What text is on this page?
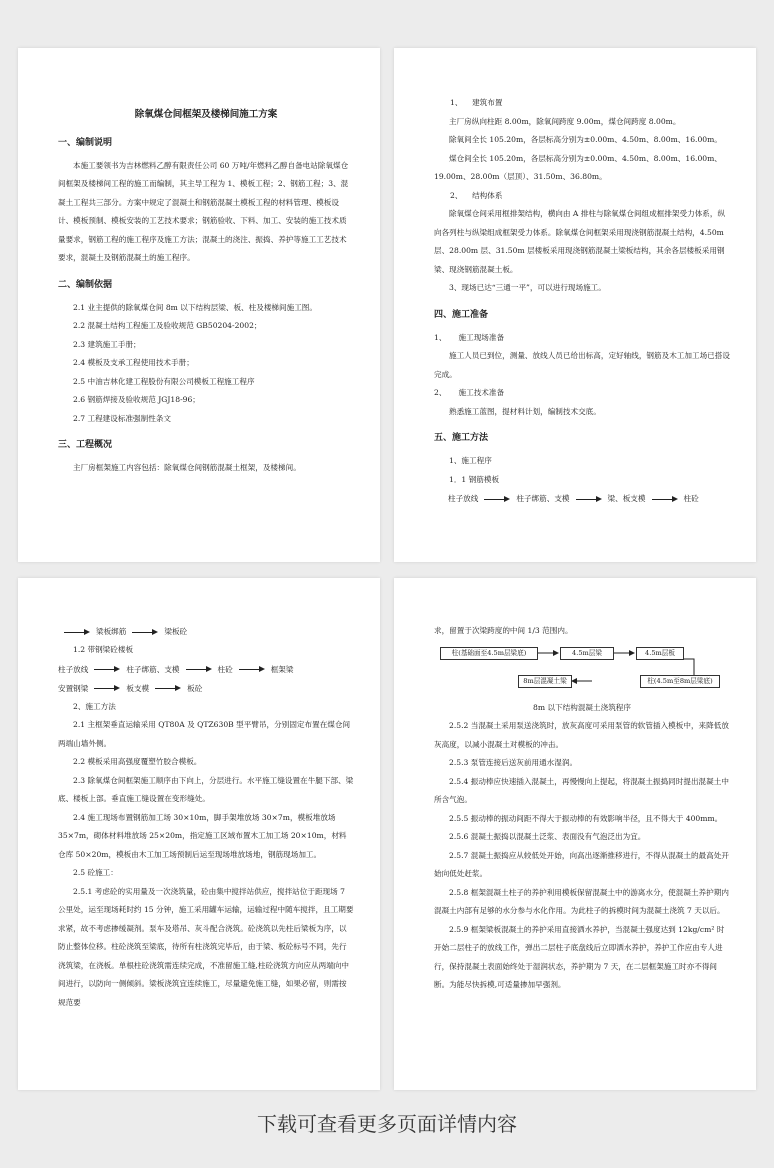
除氧煤仓间框架及楼梯间施工方案

一、编制说明

本施工要领书为吉林燃料乙醇有限责任公司 60 万吨/年燃料乙醇自备电站除氧煤仓间框架及楼梯间工程的施工而编制，其主导工程为 1、模板工程；2、钢筋工程；3、混凝土工程共三部分。方案中规定了混凝土和钢筋混凝土模板工程的材料管理、模板设计、模板预制、模板安装的工艺技术要求；钢筋验收、下料、加工、安装的施工技术质量要求，钢筋工程的施工程序及施工方法；混凝土的浇注、振捣、养护等施工工艺技术要求，混凝土及钢筋混凝土的施工程序。

二、编制依据

2.1 业主提供的除氧煤仓间 8m 以下结构层梁、板、柱及楼梯间施工图。

2.2 混凝土结构工程施工及验收规范 GB50204-2002；

2.3 建筑施工手册；

2.4 模板及支承工程使用技术手册；

2.5 中油吉林化建工程股份有限公司模板工程施工程序

2.6 钢筋焊接及验收规范 JGJ18-96；

2.7 工程建设标准强制性条文

三、工程概况

主厂房框架施工内容包括：除氧煤仓间钢筋混凝土框架，及楼梯间。

1、 建筑布置

主厂房纵向柱距 8.00m，除氧间跨度 9.00m，煤仓间跨度 8.00m。

除氧间全长 105.20m，各层标高分别为±0.00m、4.50m、8.00m、16.00m。

煤仓间全长 105.20m，各层标高分别为±0.00m、4.50m、8.00m、16.00m、19.00m、28.00m（层顶）、31.50m、36.80m。

2、 结构体系

除氧煤仓间采用框排架结构，横向由 A 排柱与除氧煤仓间组成框排架受力体系，纵向各列柱与纵梁组成框架受力体系。除氧煤仓间框架采用现浇钢筋混凝土结构，4.50m 层、28.00m 层、31.50m 层楼板采用现浇钢筋混凝土梁板结构，其余各层楼板采用钢梁、现浇钢筋混凝土板。

3、现场已达“三通一平”，可以进行现场施工。

四、施工准备

1、 施工现场准备

施工人员已到位，测量、放线人员已给出标高，定好轴线，钢筋及木工加工场已搭设完成。

2、 施工技术准备

熟悉施工蓝图，提材料计划，编制技术交底。

五、施工方法

1、施工程序

1．1 钢筋模板

柱子放线	柱子绑筋、支模	梁、板支模	柱砼
梁板绑筋	梁板砼

1.2 带钢梁砼楼板

柱子放线	柱子绑筋、支模	柱砼	框架梁
安置钢梁	板支模	板砼

2、施工方法

2.1 主框架垂直运输采用 QT80A 及 QTZ630B 型平臂吊，分别固定布置在煤仓间两端山墙外侧。

2.2 模板采用高强度覆塑竹胶合模板。

2.3 除氧煤仓间框架施工顺序由下向上，分层进行。水平施工缝设置在牛腿下部、梁底、楼板上部。垂直施工缝设置在变形缝处。

2.4 施工现场布置钢筋加工场 30×10m，脚手架堆放场 30×7m，模板堆放场 35×7m，砌体材料堆放场 25×20m，指定施工区域布置木工加工场 20×10m，材料仓库 50×20m，模板由木工加工场预制后运至现场堆放场地，钢筋现场加工。

2.5 砼施工：

2.5.1 考虑砼的实用量及一次浇筑量，砼由集中搅拌站供应，搅拌站位于距现场 7 公里处，运至现场耗时约 15 分钟，施工采用罐车运输，运输过程中随车搅拌，且工期要求紧，故不考虑掺缓凝剂。泵车及塔吊、灰斗配合浇筑。砼浇筑以先柱后梁板为序，以防止整体位移。柱砼浇筑至梁底，待所有柱浇筑完毕后，由于梁、板砼标号不同，先行浇筑梁，在浇板。单根柱砼浇筑需连续完成，不准留施工缝,柱砼浇筑方向应从两端向中间进行，以防向一侧倾斜。梁板浇筑宜连续施工，尽量避免施工缝，如果必留，则需按规范要

求，留置于次梁跨度的中间 1/3 范围内。

柱(基础面至4.5m层梁底)	4.5m层梁	4.5m层板
柱(4.5m至8m层梁底)
8m层混凝土梁

8m 以下结构混凝土浇筑程序

2.5.2 当混凝土采用泵送浇筑时，放灰高度可采用泵管的软管插入模板中，来降低放灰高度，以减小混凝土对模板的冲击。

2.5.3 泵管连接后送灰前用通水湿润。

2.5.4 振动棒应快速插入混凝土，再慢慢向上提起，将混凝土振捣同时提出混凝土中所含气泡。

2.5.5 振动棒的振动间距不得大于振动棒的有效影响半径，且不得大于 400mm。

2.5.6 混凝土振捣以混凝土泛浆、表面没有气泡泛出为宜。

2.5.7 混凝土振捣应从较低处开始，向高出逐渐推移进行，不得从混凝土的最高处开始向低处赶浆。

2.5.8 框架混凝土柱子的养护利用模板保留混凝土中的游离水分，使混凝土养护期内混凝土内部有足够的水分参与水化作用。为此柱子的拆模时间为混凝土浇筑 7 天以后。

2.5.9 框架梁板混凝土的养护采用直接洒水养护，当混凝土强度达到 12kg/cm² 时开始二层柱子的放线工作，弹出二层柱子底盘线后立即洒水养护，养护工作应由专人进行，保持混凝土表面始终处于湿润状态，养护期为 7 天，在二层框架施工时亦不得间断。为能尽快拆模,可适量掺加早强剂。

下载可查看更多页面详情内容
